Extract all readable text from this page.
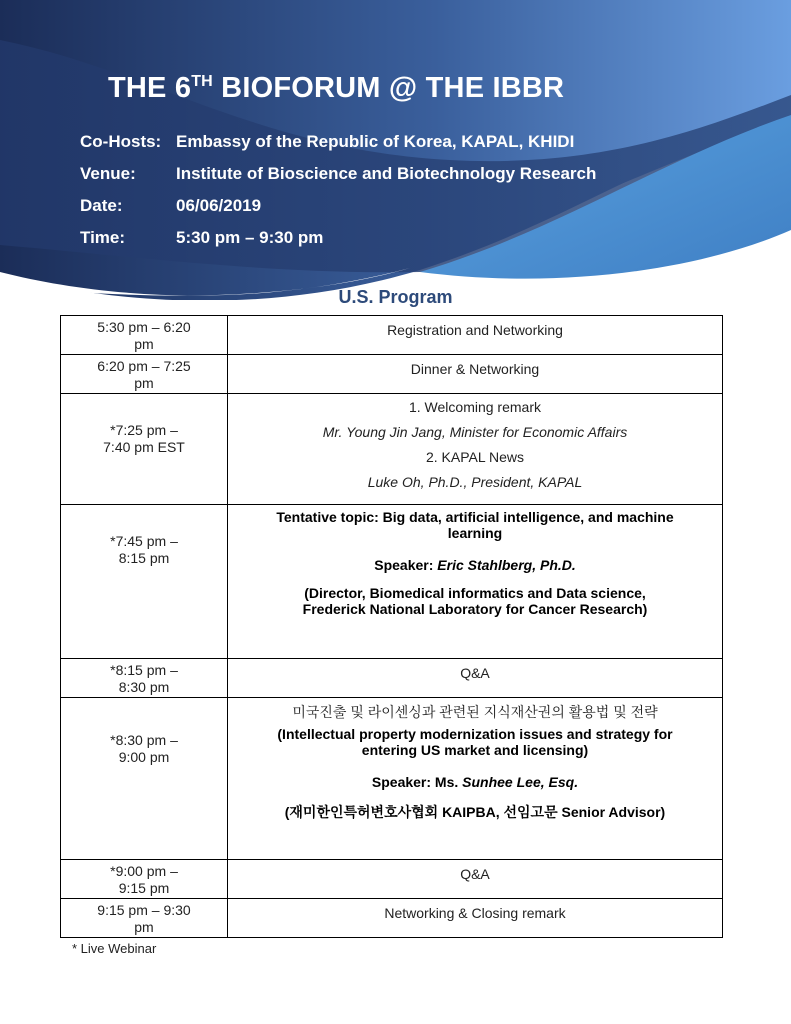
THE 6TH BIOFORUM @ THE IBBR
Co-Hosts: Embassy of the Republic of Korea, KAPAL, KHIDI
Venue: Institute of Bioscience and Biotechnology Research
Date:	06/06/2019
Time:	5:30 pm – 9:30 pm
U.S. Program
5:30 pm – 6:20
pm	Registration and Networking

6:20 pm – 7:25
pm	Dinner & Networking

*7:25 pm –
7:40 pm EST	1. Welcoming remark
Mr. Young Jin Jang, Minister for Economic Affairs
2. KAPAL News
Luke Oh, Ph.D., President, KAPAL

*7:45 pm –
8:15 pm	Tentative topic: Big data, artificial intelligence, and machine
learning
Speaker: Eric Stahlberg, Ph.D.
(Director, Biomedical informatics and Data science,
Frederick National Laboratory for Cancer Research)

*8:15 pm –
8:30 pm	Q&A

*8:30 pm –
9:00 pm	미국진출 및 라이센싱과 관련된 지식재산권의 활용법 및 전략
(Intellectual property modernization issues and strategy for
entering US market and licensing)
Speaker: Ms. Sunhee Lee, Esq.
(재미한인특허변호사협회 KAIPBA, 선임고문 Senior Advisor)

*9:00 pm –
9:15 pm	Q&A

9:15 pm – 9:30
pm	Networking & Closing remark
* Live Webinar
